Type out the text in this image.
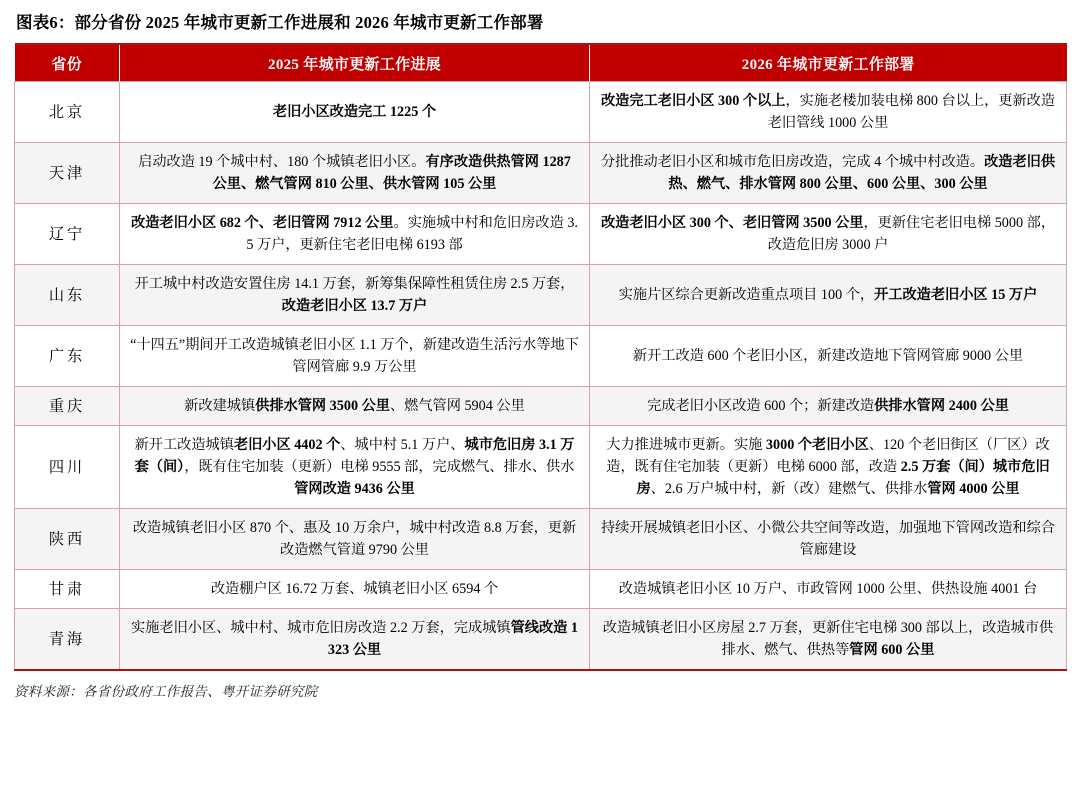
图表6：部分省份 2025 年城市更新工作进展和 2026 年城市更新工作部署
省份	2025 年城市更新工作进展	2026 年城市更新工作部署
北京	老旧小区改造完工 1225 个	改造完工老旧小区 300 个以上，实施老楼加装电梯 800 台以上，更新改造老旧管线 1000 公里
天津	启动改造 19 个城中村、180 个城镇老旧小区。有序改造供热管网 1287 公里、燃气管网 810 公里、供水管网 105 公里	分批推动老旧小区和城市危旧房改造，完成 4 个城中村改造。改造老旧供热、燃气、排水管网 800 公里、600 公里、300 公里
辽宁	改造老旧小区 682 个、老旧管网 7912 公里。实施城中村和危旧房改造 3.5 万户，更新住宅老旧电梯 6193 部	改造老旧小区 300 个、老旧管网 3500 公里，更新住宅老旧电梯 5000 部，改造危旧房 3000 户
山东	开工城中村改造安置住房 14.1 万套，新筹集保障性租赁住房 2.5 万套，改造老旧小区 13.7 万户	实施片区综合更新改造重点项目 100 个，开工改造老旧小区 15 万户
广东	“十四五”期间开工改造城镇老旧小区 1.1 万个，新建改造生活污水等地下管网管廊 9.9 万公里	新开工改造 600 个老旧小区，新建改造地下管网管廊 9000 公里
重庆	新改建城镇供排水管网 3500 公里、燃气管网 5904 公里	完成老旧小区改造 600 个；新建改造供排水管网 2400 公里
四川	新开工改造城镇老旧小区 4402 个、城中村 5.1 万户、城市危旧房 3.1 万套（间），既有住宅加装（更新）电梯 9555 部，完成燃气、排水、供水管网改造 9436 公里	大力推进城市更新。实施 3000 个老旧小区、120 个老旧街区（厂区）改造，既有住宅加装（更新）电梯 6000 部，改造 2.5 万套（间）城市危旧房、2.6 万户城中村，新（改）建燃气、供排水管网 4000 公里
陕西	改造城镇老旧小区 870 个、惠及 10 万余户，城中村改造 8.8 万套，更新改造燃气管道 9790 公里	持续开展城镇老旧小区、小微公共空间等改造，加强地下管网改造和综合管廊建设
甘肃	改造棚户区 16.72 万套、城镇老旧小区 6594 个	改造城镇老旧小区 10 万户、市政管网 1000 公里、供热设施 4001 台
青海	实施老旧小区、城中村、城市危旧房改造 2.2 万套，完成城镇管线改造 1323 公里	改造城镇老旧小区房屋 2.7 万套，更新住宅电梯 300 部以上，改造城市供排水、燃气、供热等管网 600 公里
资料来源：各省份政府工作报告、粤开证券研究院
